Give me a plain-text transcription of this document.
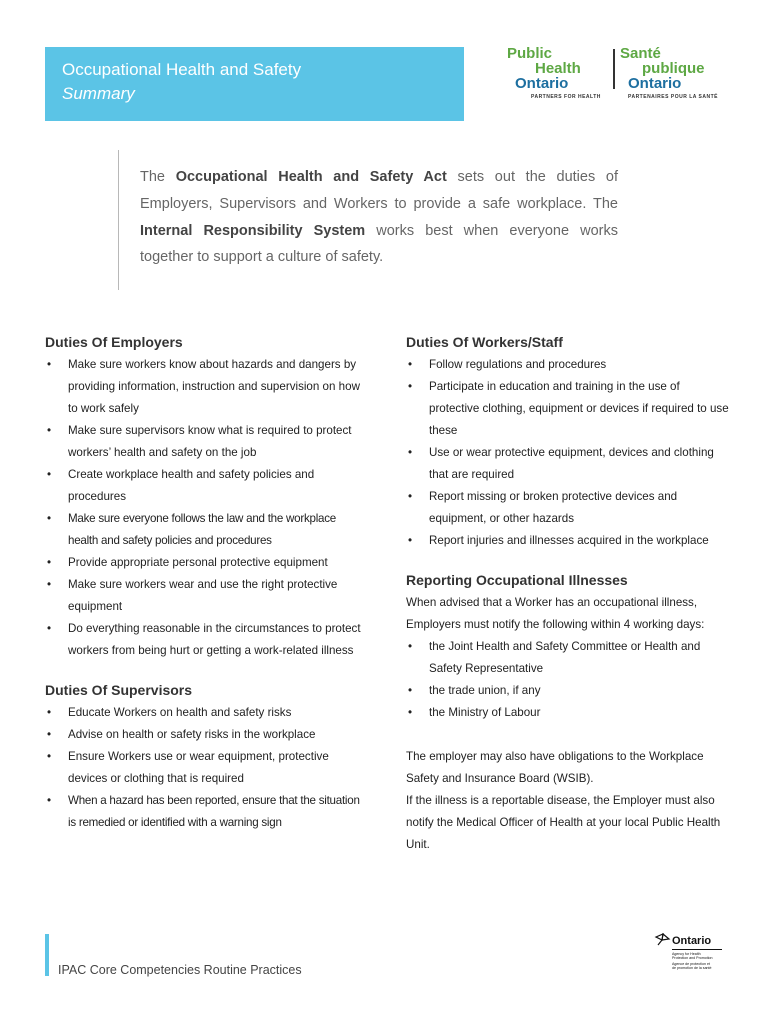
Occupational Health and Safety
Summary
Public
Health
Ontario
PARTNERS FOR HEALTH
Santé
publique
Ontario
PARTENAIRES POUR LA SANTÉ

The Occupational Health and Safety Act sets out the duties of Employers, Supervisors and Workers to provide a safe workplace. The Internal Responsibility System works best when everyone works together to support a culture of safety.

Duties Of Employers
• Make sure workers know about hazards and dangers by providing information, instruction and supervision on how to work safely
• Make sure supervisors know what is required to protect workers’ health and safety on the job
• Create workplace health and safety policies and procedures
• Make sure everyone follows the law and the workplace health and safety policies and procedures
• Provide appropriate personal protective equipment
• Make sure workers wear and use the right protective equipment
• Do everything reasonable in the circumstances to protect workers from being hurt or getting a work-related illness
Duties Of Supervisors
• Educate Workers on health and safety risks
• Advise on health or safety risks in the workplace
• Ensure Workers use or wear equipment, protective devices or clothing that is required
• When a hazard has been reported, ensure that the situation is remedied or identified with a warning sign
Duties Of Workers/Staff
• Follow regulations and procedures
• Participate in education and training in the use of protective clothing, equipment or devices if required to use these
• Use or wear protective equipment, devices and clothing that are required
• Report missing or broken protective devices and equipment, or other hazards
• Report injuries and illnesses acquired in the workplace
Reporting Occupational Illnesses

When advised that a Worker has an occupational illness, Employers must notify the following within 4 working days:

• the Joint Health and Safety Committee or Health and Safety Representative
• the trade union, if any
• the Ministry of Labour

The employer may also have obligations to the Workplace Safety and Insurance Board (WSIB).

If the illness is a reportable disease, the Employer must also notify the Medical Officer of Health at your local Public Health Unit.

IPAC Core Competencies Routine Practices
Ontario
Agency for Health
Protection and Promotion
Agence de protection et
de promotion de la santé
